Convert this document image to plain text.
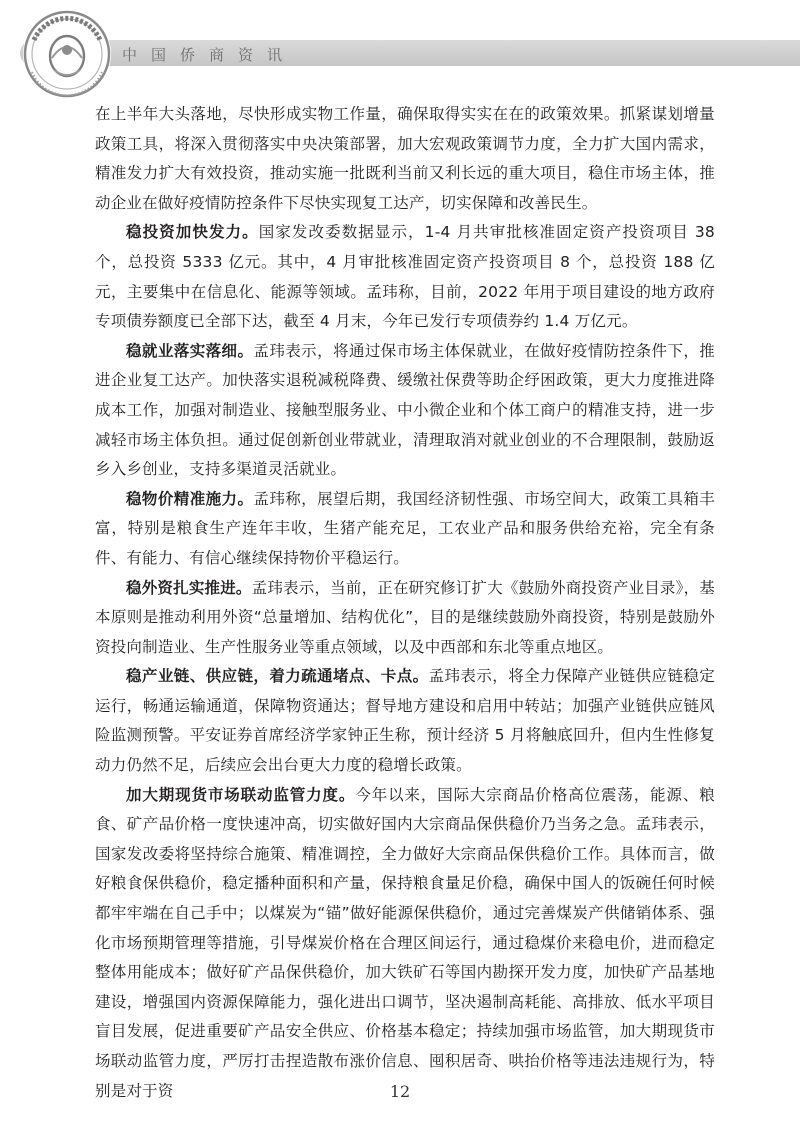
中国侨商资讯

在上半年大头落地，尽快形成实物工作量，确保取得实实在在的政策效果。抓紧谋划增量政策工具，将深入贯彻落实中央决策部署，加大宏观政策调节力度，全力扩大国内需求，精准发力扩大有效投资，推动实施一批既利当前又利长远的重大项目，稳住市场主体，推动企业在做好疫情防控条件下尽快实现复工达产，切实保障和改善民生。

稳投资加快发力。国家发改委数据显示，1-4 月共审批核准固定资产投资项目 38 个，总投资 5333 亿元。其中，4 月审批核准固定资产投资项目 8 个，总投资 188 亿元，主要集中在信息化、能源等领域。孟玮称，目前，2022 年用于项目建设的地方政府专项债券额度已全部下达，截至 4 月末，今年已发行专项债券约 1.4 万亿元。

稳就业落实落细。孟玮表示，将通过保市场主体保就业，在做好疫情防控条件下，推进企业复工达产。加快落实退税减税降费、缓缴社保费等助企纾困政策，更大力度推进降成本工作，加强对制造业、接触型服务业、中小微企业和个体工商户的精准支持，进一步减轻市场主体负担。通过促创新创业带就业，清理取消对就业创业的不合理限制，鼓励返乡入乡创业，支持多渠道灵活就业。

稳物价精准施力。孟玮称，展望后期，我国经济韧性强、市场空间大，政策工具箱丰富，特别是粮食生产连年丰收，生猪产能充足，工农业产品和服务供给充裕，完全有条件、有能力、有信心继续保持物价平稳运行。

稳外资扎实推进。孟玮表示，当前，正在研究修订扩大《鼓励外商投资产业目录》，基本原则是推动利用外资“总量增加、结构优化”，目的是继续鼓励外商投资，特别是鼓励外资投向制造业、生产性服务业等重点领域，以及中西部和东北等重点地区。

稳产业链、供应链，着力疏通堵点、卡点。孟玮表示，将全力保障产业链供应链稳定运行，畅通运输通道，保障物资通达；督导地方建设和启用中转站；加强产业链供应链风险监测预警。平安证券首席经济学家钟正生称，预计经济 5 月将触底回升，但内生性修复动力仍然不足，后续应会出台更大力度的稳增长政策。

加大期现货市场联动监管力度。今年以来，国际大宗商品价格高位震荡，能源、粮食、矿产品价格一度快速冲高，切实做好国内大宗商品保供稳价乃当务之急。孟玮表示，国家发改委将坚持综合施策、精准调控，全力做好大宗商品保供稳价工作。具体而言，做好粮食保供稳价，稳定播种面积和产量，保持粮食量足价稳，确保中国人的饭碗任何时候都牢牢端在自己手中；以煤炭为“锚”做好能源保供稳价，通过完善煤炭产供储销体系、强化市场预期管理等措施，引导煤炭价格在合理区间运行，通过稳煤价来稳电价，进而稳定整体用能成本；做好矿产品保供稳价，加大铁矿石等国内勘探开发力度，加快矿产品基地建设，增强国内资源保障能力，强化进出口调节，坚决遏制高耗能、高排放、低水平项目盲目发展，促进重要矿产品安全供应、价格基本稳定；持续加强市场监管，加大期现货市场联动监管力度，严厉打击捏造散布涨价信息、囤积居奇、哄抬价格等违法违规行为，特别是对于资	12
